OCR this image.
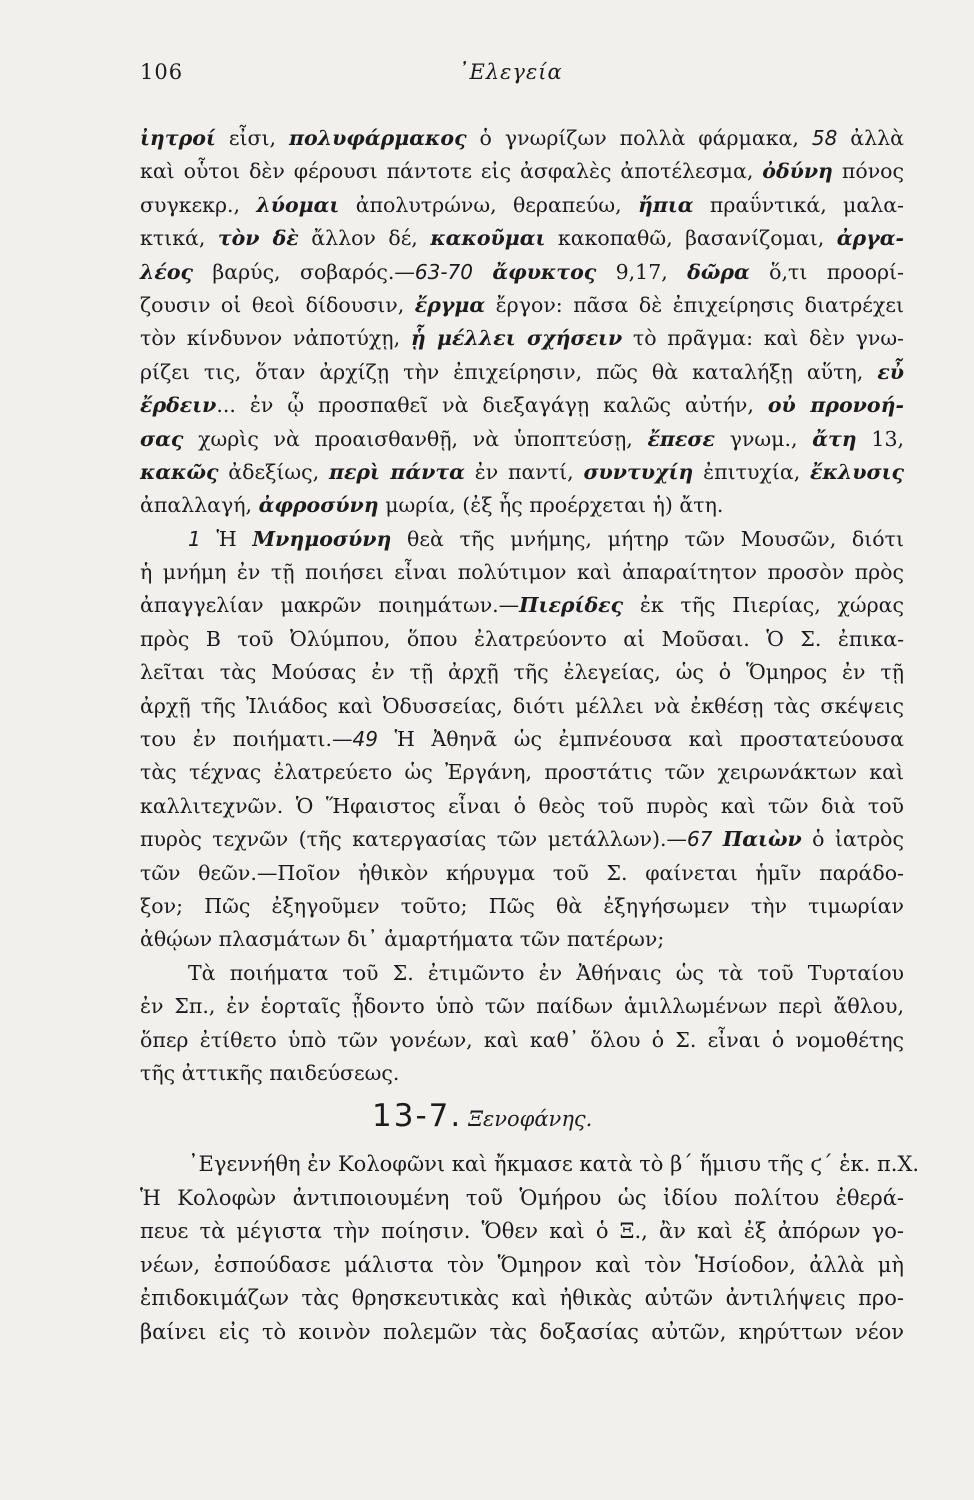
106	᾿Ελεγεία
ἰητροί εἶσι, πολυφάρμακος ὁ γνωρίζων πολλὰ φάρμακα, 58 ἀλλὰ
καὶ οὗτοι δὲν φέρουσι πάντοτε εἰς ἀσφαλὲς ἀποτέλεσμα, ὀδύνη πόνος
συγκεκρ., λύομαι ἀπολυτρώνω, θεραπεύω, ἤπια πραΰντικά, μαλα-
κτικά, τὸν δὲ ἄλλον δέ, κακοῦμαι κακοπαθῶ, βασανίζομαι, ἀργα-
λέος βαρύς, σοβαρός.—63-70 ἄφυκτος 9,17, δῶρα ὅ,τι προορί-
ζουσιν οἱ θεοὶ δίδουσιν, ἔργμα ἔργον: πᾶσα δὲ ἐπιχείρησις διατρέχει
τὸν κίνδυνον νἀποτύχῃ, ᾗ μέλλει σχήσειν τὸ πρᾶγμα: καὶ δὲν γνω-
ρίζει τις, ὅταν ἀρχίζῃ τὴν ἐπιχείρησιν, πῶς θὰ καταλήξῃ αὕτη, εὖ
ἔρδειν... ἐν ᾧ προσπαθεῖ νὰ διεξαγάγῃ καλῶς αὐτήν, οὐ προνοή-
σας χωρὶς νὰ προαισθανθῇ, νὰ ὑποπτεύσῃ, ἔπεσε γνωμ., ἄτη 13,
κακῶς ἀδεξίως, περὶ πάντα ἐν παντί, συντυχίη ἐπιτυχία, ἔκλυσις
ἀπαλλαγή, ἀφροσύνη μωρία, (ἐξ ἧς προέρχεται ἡ) ἄτη.
1 Ἡ Μνημοσύνη θεὰ τῆς μνήμης, μήτηρ τῶν Μουσῶν, διότι
ἡ μνήμη ἐν τῇ ποιήσει εἶναι πολύτιμον καὶ ἀπαραίτητον προσὸν πρὸς
ἀπαγγελίαν μακρῶν ποιημάτων.—Πιερίδες ἐκ τῆς Πιερίας, χώρας
πρὸς Β τοῦ Ὀλύμπου, ὅπου ἐλατρεύοντο αἱ Μοῦσαι. Ὁ Σ. ἐπικα-
λεῖται τὰς Μούσας ἐν τῇ ἀρχῇ τῆς ἐλεγείας, ὡς ὁ Ὅμηρος ἐν τῇ
ἀρχῇ τῆς Ἰλιάδος καὶ Ὀδυσσείας, διότι μέλλει νὰ ἐκθέσῃ τὰς σκέψεις
του ἐν ποιήματι.—49 Ἡ Ἀθηνᾶ ὡς ἐμπνέουσα καὶ προστατεύουσα
τὰς τέχνας ἐλατρεύετο ὡς Ἐργάνη, προστάτις τῶν χειρωνάκτων καὶ
καλλιτεχνῶν. Ὁ Ἥφαιστος εἶναι ὁ θεὸς τοῦ πυρὸς καὶ τῶν διὰ τοῦ
πυρὸς τεχνῶν (τῆς κατεργασίας τῶν μετάλλων).—67 Παιὼν ὁ ἰατρὸς
τῶν θεῶν.—Ποῖον ἠθικὸν κήρυγμα τοῦ Σ. φαίνεται ἡμῖν παράδο-
ξον; Πῶς ἐξηγοῦμεν τοῦτο; Πῶς θὰ ἐξηγήσωμεν τὴν τιμωρίαν
ἀθῴων πλασμάτων δι᾿ ἁμαρτήματα τῶν πατέρων;
Τὰ ποιήματα τοῦ Σ. ἐτιμῶντο ἐν Ἀθήναις ὡς τὰ τοῦ Τυρταίου
ἐν Σπ., ἐν ἑορταῖς ᾖδοντο ὑπὸ τῶν παίδων ἁμιλλωμένων περὶ ἄθλου,
ὅπερ ἐτίθετο ὑπὸ τῶν γονέων, καὶ καθ᾿ ὅλου ὁ Σ. εἶναι ὁ νομοθέτης
τῆς ἀττικῆς παιδεύσεως.
13-7. Ξενοφάνης.
᾿Εγεννήθη ἐν Κολοφῶνι καὶ ἤκμασε κατὰ τὸ β´ ἥμισυ τῆς ϛ´ ἑκ. π.Χ.
Ἡ Κολοφὼν ἀντιποιουμένη τοῦ Ὁμήρου ὡς ἰδίου πολίτου ἐθερά-
πευε τὰ μέγιστα τὴν ποίησιν. Ὅθεν καὶ ὁ Ξ., ἂν καὶ ἐξ ἀπόρων γο-
νέων, ἐσπούδασε μάλιστα τὸν Ὅμηρον καὶ τὸν Ἡσίοδον, ἀλλὰ μὴ
ἐπιδοκιμάζων τὰς θρησκευτικὰς καὶ ἠθικὰς αὐτῶν ἀντιλήψεις προ-
βαίνει εἰς τὸ κοινὸν πολεμῶν τὰς δοξασίας αὐτῶν, κηρύττων νέον
